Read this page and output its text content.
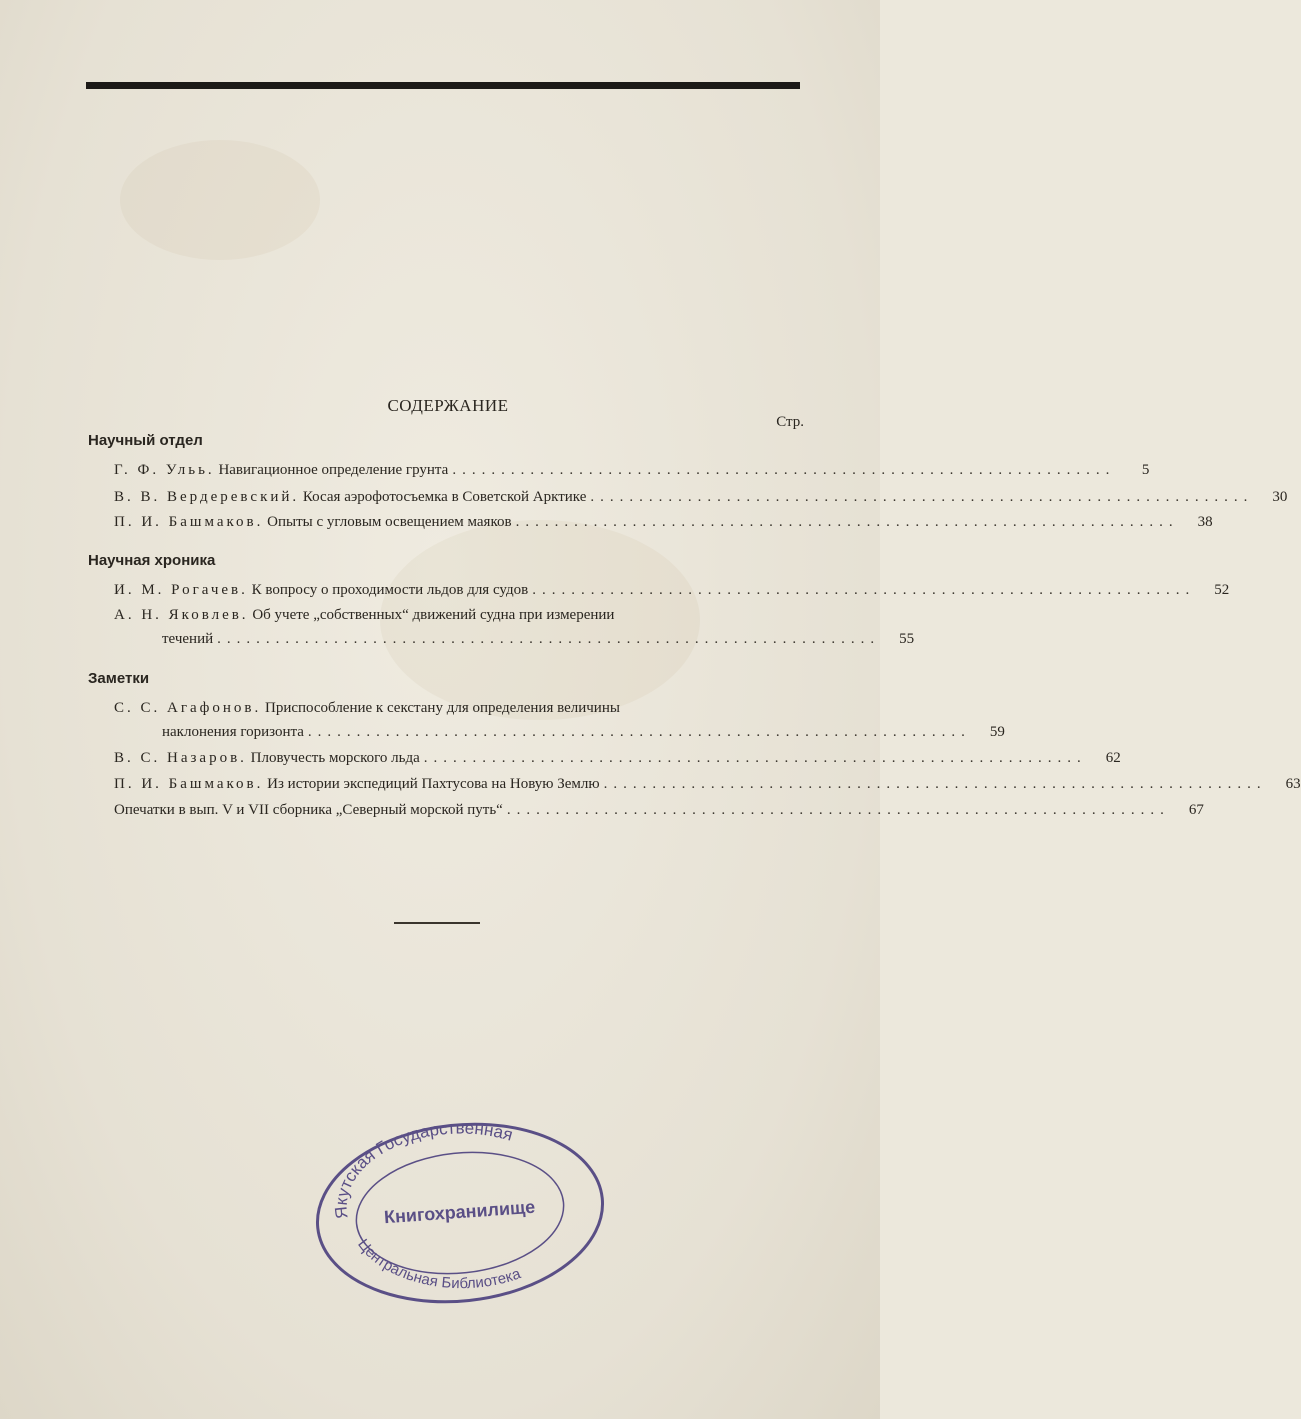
СОДЕРЖАНИЕ
Стр.
Научный отдел
Г. Ф. Ульь. Навигационное определение грунта ....................................................................	5
В. В. Вердеревский. Косая аэрофотосъемка в Советской Арктике ....................................................................	30
П. И. Башмаков. Опыты с угловым освещением маяков ....................................................................	38
Научная хроника
И. М. Рогачев. К вопросу о проходимости льдов для судов ....................................................................	52
А. Н. Яковлев. Об учете „собственных“ движений судна при измерении
течений ....................................................................	55
Заметки
С. С. Агафонов. Приспособление к секстану для определения величины
наклонения горизонта ....................................................................	59
В. С. Назаров. Пловучесть морского льда ....................................................................	62
П. И. Башмаков. Из истории экспедиций Пахтусова на Новую Землю ....................................................................	63
Опечатки в вып. V и VII сборника „Северный морской путь“ ....................................................................	67
Якутская Государственная
Книгохранилище
Центральная Библиотека
